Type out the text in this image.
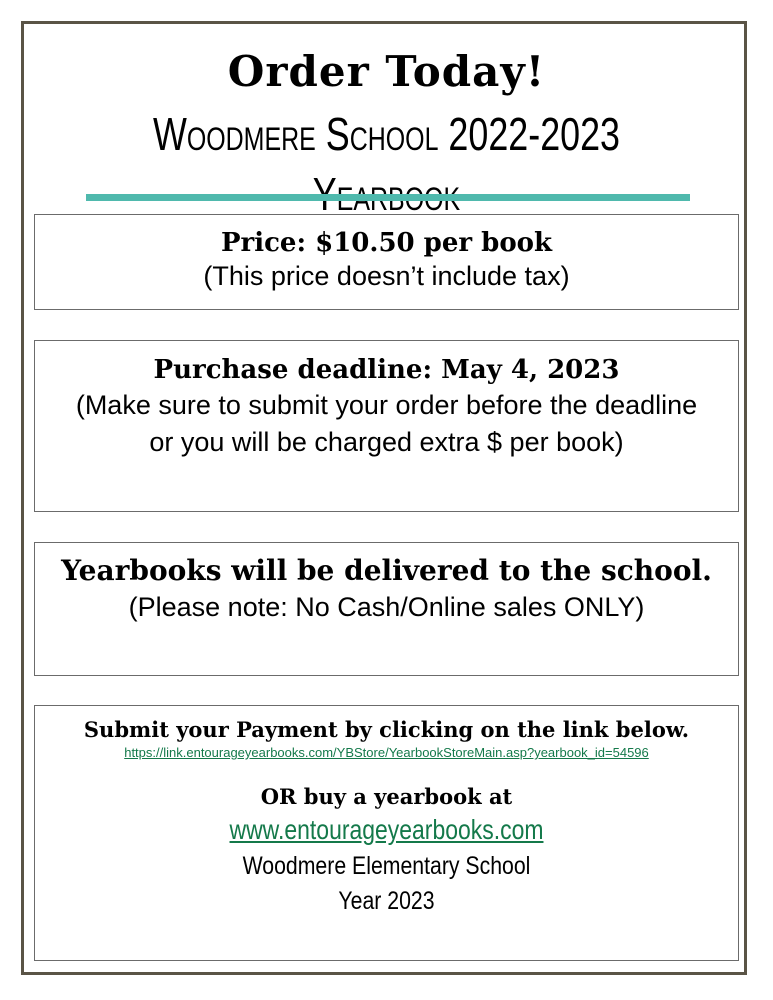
Order Today!
Woodmere School 2022-2023
Price: $10.50 per book
(This price doesn’t include tax)
Purchase deadline: May 4, 2023
(Make sure to submit your order before the deadline or you will be charged extra $ per book)
Yearbooks will be delivered to the school.
(Please note: No Cash/Online sales ONLY)
Submit your Payment by clicking on the link below.
https://link.entourageyearbooks.com/YBStore/YearbookStoreMain.asp?yearbook_id=54596
OR buy a yearbook at
www.entourageyearbooks.com
Woodmere Elementary School
Year 2023
